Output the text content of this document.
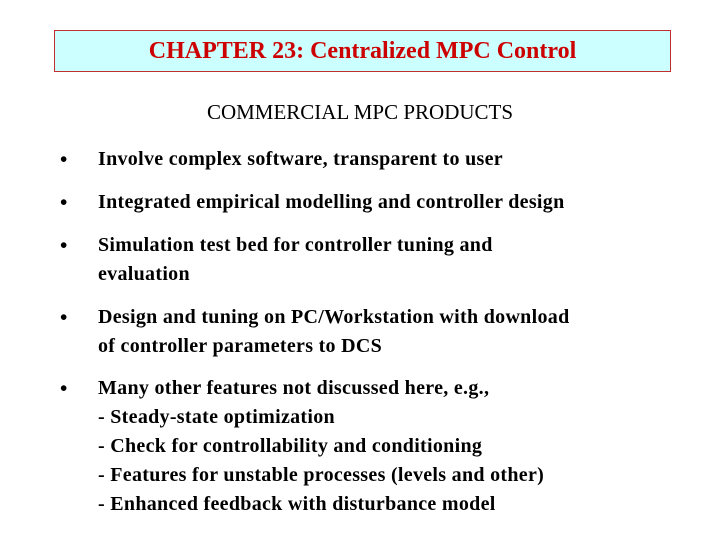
CHAPTER 23: Centralized MPC Control
COMMERCIAL MPC PRODUCTS
• Involve complex software, transparent to user
• Integrated empirical modelling and controller design
• Simulation test bed for controller tuning and
evaluation
• Design and tuning on PC/Workstation with download
of controller parameters to DCS
• Many other features not discussed here, e.g.,
- Steady-state optimization
- Check for controllability and conditioning
- Features for unstable processes (levels and other)
- Enhanced feedback with disturbance model
